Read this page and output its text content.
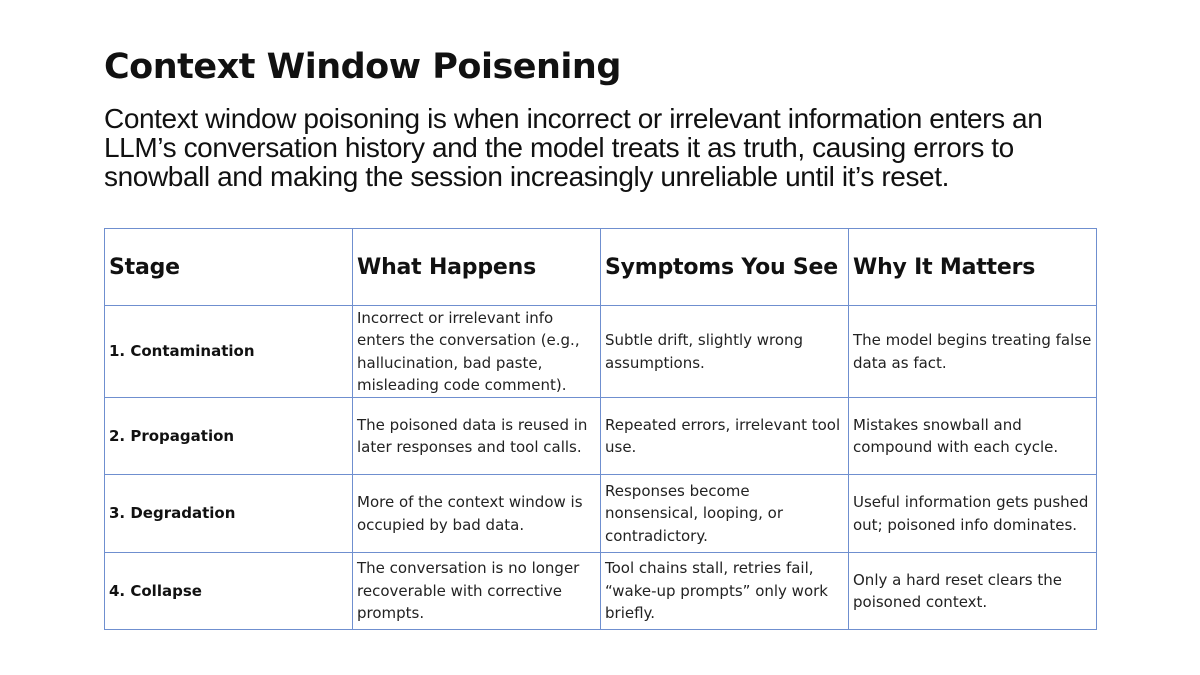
Context Window Poisening

Context window poisoning is when incorrect or irrelevant information enters an LLM’s conversation history and the model treats it as truth, causing errors to snowball and making the session increasingly unreliable until it’s reset.

Stage	What Happens	Symptoms You See	Why It Matters
1. Contamination	Incorrect or irrelevant info enters the conversation (e.g., hallucination, bad paste, misleading code comment).	Subtle drift, slightly wrong assumptions.	The model begins treating false data as fact.
2. Propagation	The poisoned data is reused in later responses and tool calls.	Repeated errors, irrelevant tool use.	Mistakes snowball and compound with each cycle.
3. Degradation	More of the context window is occupied by bad data.	Responses become nonsensical, looping, or contradictory.	Useful information gets pushed out; poisoned info dominates.
4. Collapse	The conversation is no longer recoverable with corrective prompts.	Tool chains stall, retries fail, “wake-up prompts” only work briefly.	Only a hard reset clears the poisoned context.
